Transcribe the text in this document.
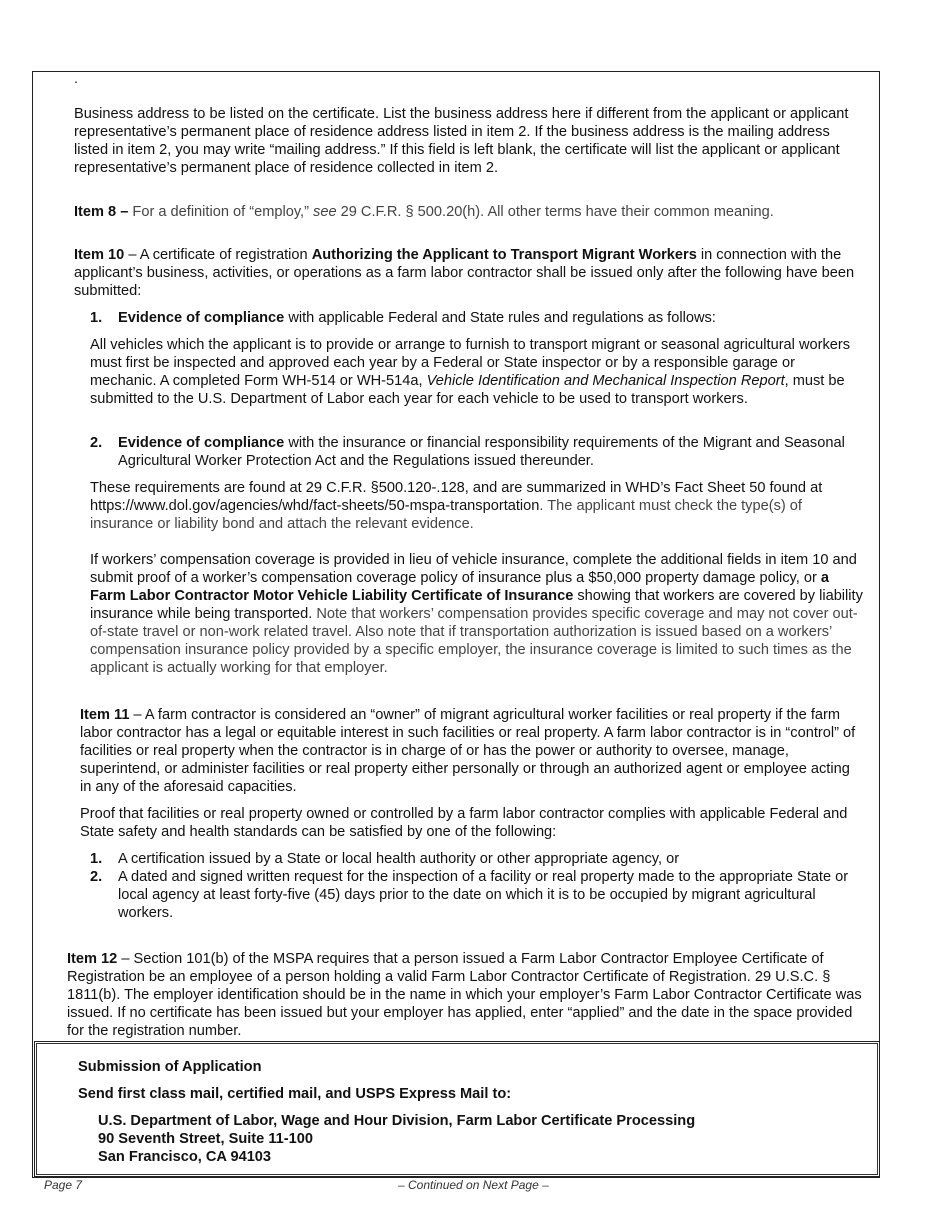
.

Business address to be listed on the certificate. List the business address here if different from the applicant or applicant representative’s permanent place of residence address listed in item 2. If the business address is the mailing address listed in item 2, you may write “mailing address.” If this field is left blank, the certificate will list the applicant or applicant representative’s permanent place of residence collected in item 2.

Item 8 – For a definition of “employ,” see 29 C.F.R. § 500.20(h). All other terms have their common meaning.

Item 10 – A certificate of registration Authorizing the Applicant to Transport Migrant Workers in connection with the applicant’s business, activities, or operations as a farm labor contractor shall be issued only after the following have been submitted:

1. Evidence of compliance with applicable Federal and State rules and regulations as follows:

All vehicles which the applicant is to provide or arrange to furnish to transport migrant or seasonal agricultural workers must first be inspected and approved each year by a Federal or State inspector or by a responsible garage or mechanic. A completed Form WH-514 or WH-514a, Vehicle Identification and Mechanical Inspection Report, must be submitted to the U.S. Department of Labor each year for each vehicle to be used to transport workers.

2. Evidence of compliance with the insurance or financial responsibility requirements of the Migrant and Seasonal Agricultural Worker Protection Act and the Regulations issued thereunder.

These requirements are found at 29 C.F.R. §500.120-.128, and are summarized in WHD’s Fact Sheet 50 found at https://www.dol.gov/agencies/whd/fact-sheets/50-mspa-transportation. The applicant must check the type(s) of insurance or liability bond and attach the relevant evidence.

If workers’ compensation coverage is provided in lieu of vehicle insurance, complete the additional fields in item 10 and submit proof of a worker’s compensation coverage policy of insurance plus a $50,000 property damage policy, or a Farm Labor Contractor Motor Vehicle Liability Certificate of Insurance showing that workers are covered by liability insurance while being transported. Note that workers’ compensation provides specific coverage and may not cover out-of-state travel or non-work related travel. Also note that if transportation authorization is issued based on a workers’ compensation insurance policy provided by a specific employer, the insurance coverage is limited to such times as the applicant is actually working for that employer.

Item 11 – A farm contractor is considered an “owner” of migrant agricultural worker facilities or real property if the farm labor contractor has a legal or equitable interest in such facilities or real property. A farm labor contractor is in “control” of facilities or real property when the contractor is in charge of or has the power or authority to oversee, manage, superintend, or administer facilities or real property either personally or through an authorized agent or employee acting in any of the aforesaid capacities.

Proof that facilities or real property owned or controlled by a farm labor contractor complies with applicable Federal and State safety and health standards can be satisfied by one of the following:

1. A certification issued by a State or local health authority or other appropriate agency, or

2. A dated and signed written request for the inspection of a facility or real property made to the appropriate State or local agency at least forty-five (45) days prior to the date on which it is to be occupied by migrant agricultural workers.

Item 12 – Section 101(b) of the MSPA requires that a person issued a Farm Labor Contractor Employee Certificate of Registration be an employee of a person holding a valid Farm Labor Contractor Certificate of Registration. 29 U.S.C. § 1811(b). The employer identification should be in the name in which your employer’s Farm Labor Contractor Certificate was issued. If no certificate has been issued but your employer has applied, enter “applied” and the date in the space provided for the registration number.

Submission of Application

Send first class mail, certified mail, and USPS Express Mail to:

U.S. Department of Labor, Wage and Hour Division, Farm Labor Certificate Processing

90 Seventh Street, Suite 11-100

San Francisco, CA 94103

Page 7	– Continued on Next Page –
